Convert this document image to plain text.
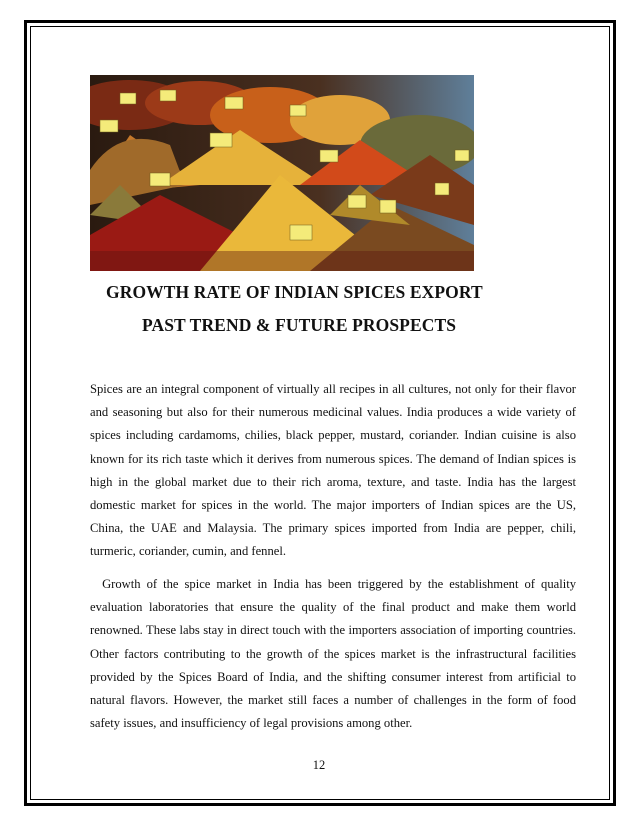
GROWTH RATE OF INDIAN SPICES EXPORT
PAST TREND & FUTURE PROSPECTS
Spices are an integral component of virtually all recipes in all cultures, not only for their flavor and seasoning but also for their numerous medicinal values. India produces a wide variety of spices including cardamoms, chilies, black pepper, mustard, coriander. Indian cuisine is also known for its rich taste which it derives from numerous spices. The demand of Indian spices is high in the global market due to their rich aroma, texture, and taste. India has the largest domestic market for spices in the world. The major importers of Indian spices are the US, China, the UAE and Malaysia. The primary spices imported from India are pepper, chili, turmeric, coriander, cumin, and fennel.
Growth of the spice market in India has been triggered by the establishment of quality evaluation laboratories that ensure the quality of the final product and make them world renowned. These labs stay in direct touch with the importers association of importing countries. Other factors contributing to the growth of the spices market is the infrastructural facilities provided by the Spices Board of India, and the shifting consumer interest from artificial to natural flavors. However, the market still faces a number of challenges in the form of food safety issues, and insufficiency of legal provisions among other.
12
